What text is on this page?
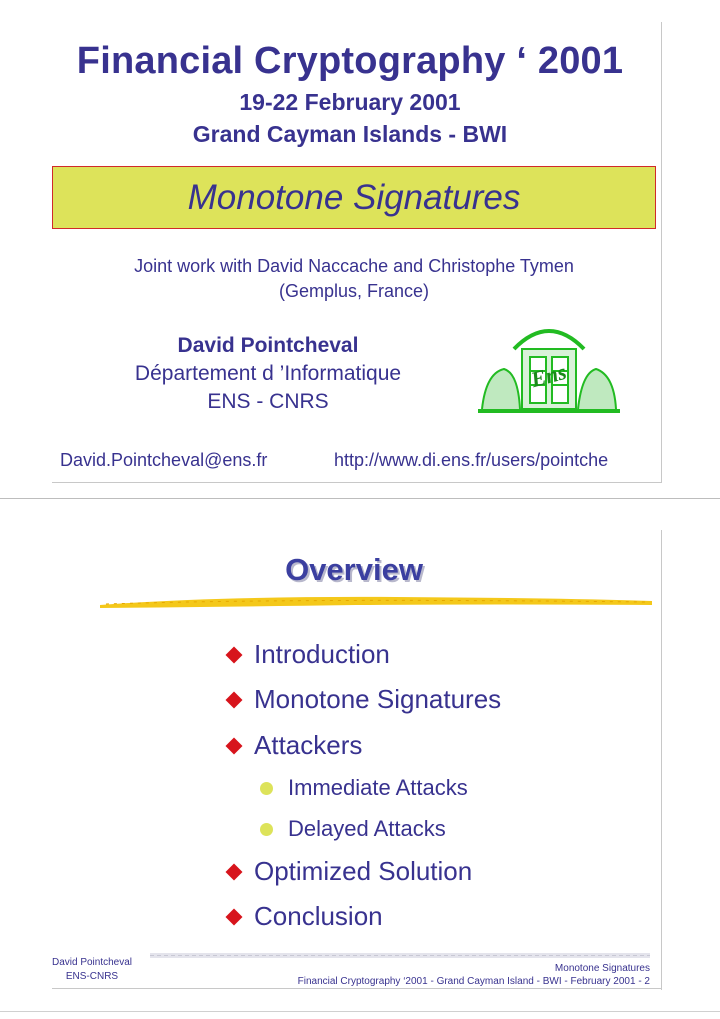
Financial Cryptography ‘ 2001
19-22 February 2001
Grand Cayman Islands - BWI
Monotone Signatures
Joint work with David Naccache and Christophe Tymen
(Gemplus, France)
David Pointcheval
Département d ’Informatique
ENS - CNRS
David.Pointcheval@ens.fr	http://www.di.ens.fr/users/pointche
Ens
Overview
Introduction
Monotone Signatures
Attackers
Immediate Attacks
Delayed Attacks
Optimized Solution
Conclusion
David Pointcheval
ENS-CNRS
Monotone Signatures
Financial Cryptography ‘2001 - Grand Cayman Island - BWI - February 2001 - 2
